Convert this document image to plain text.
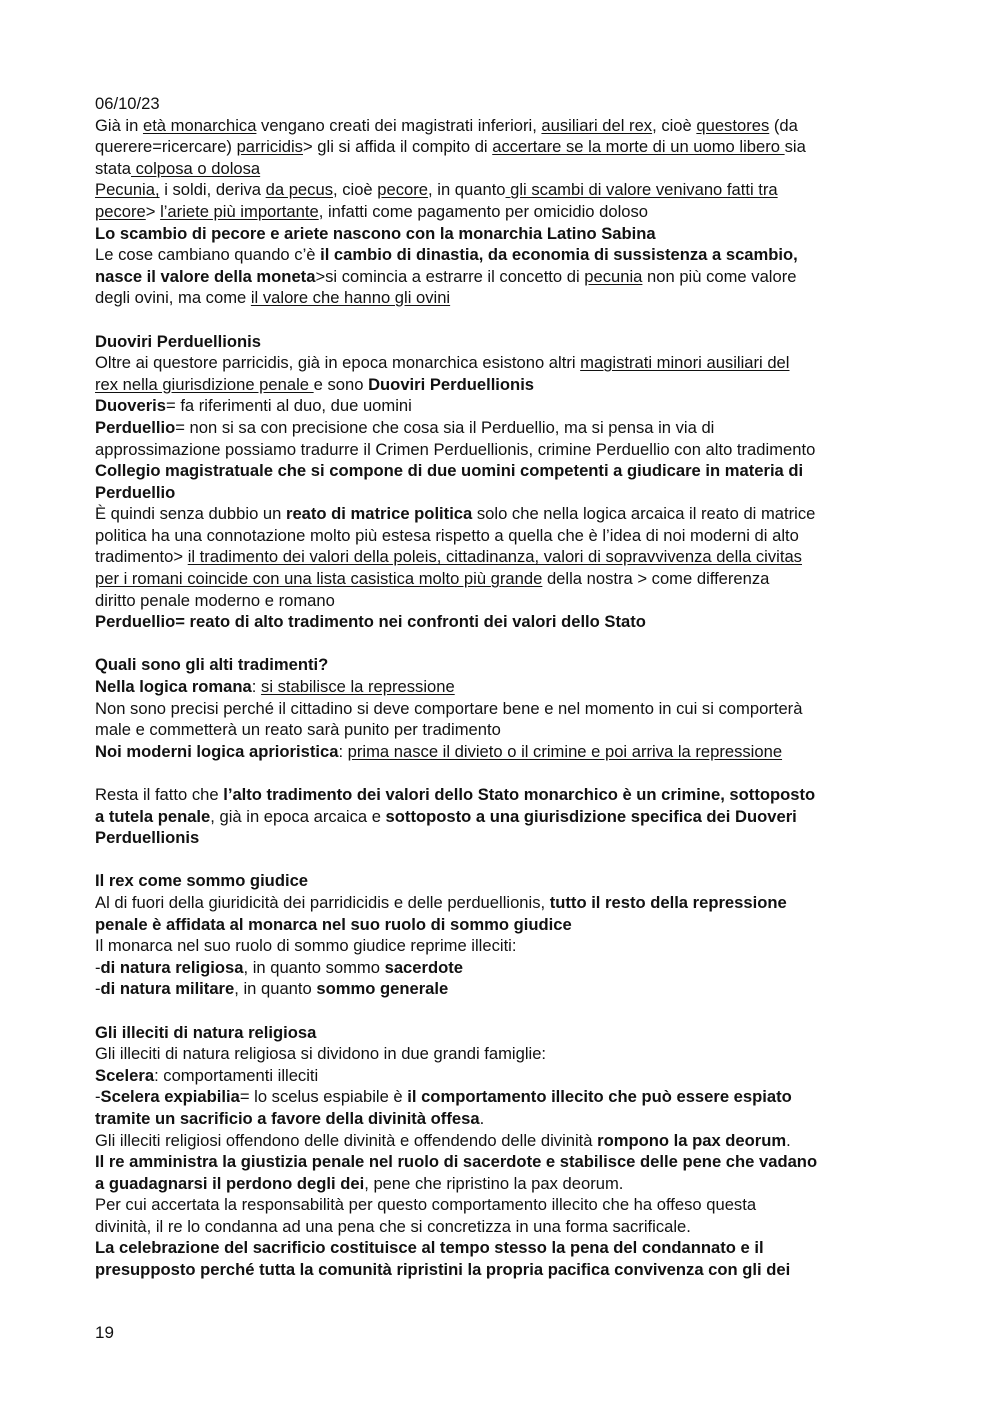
06/10/23
Già in età monarchica vengano creati dei magistrati inferiori, ausiliari del rex, cioè questores (da
querere=ricercare) parricidis> gli si affida il compito di accertare se la morte di un uomo libero sia
stata colposa o dolosa
Pecunia, i soldi, deriva da pecus, cioè pecore, in quanto gli scambi di valore venivano fatti tra
pecore> l’ariete più importante, infatti come pagamento per omicidio doloso
Lo scambio di pecore e ariete nascono con la monarchia Latino Sabina
Le cose cambiano quando c’è il cambio di dinastia, da economia di sussistenza a scambio,
nasce il valore della moneta>si comincia a estrarre il concetto di pecunia non più come valore
degli ovini, ma come il valore che hanno gli ovini
Duoviri Perduellionis
Oltre ai questore parricidis, già in epoca monarchica esistono altri magistrati minori ausiliari del
rex nella giurisdizione penale e sono Duoviri Perduellionis
Duoveris= fa riferimenti al duo, due uomini
Perduellio= non si sa con precisione che cosa sia il Perduellio, ma si pensa in via di
approssimazione possiamo tradurre il Crimen Perduellionis, crimine Perduellio con alto tradimento
Collegio magistratuale che si compone di due uomini competenti a giudicare in materia di
Perduellio
È quindi senza dubbio un reato di matrice politica solo che nella logica arcaica il reato di matrice
politica ha una connotazione molto più estesa rispetto a quella che è l’idea di noi moderni di alto
tradimento> il tradimento dei valori della poleis, cittadinanza, valori di sopravvivenza della civitas
per i romani coincide con una lista casistica molto più grande della nostra > come differenza
diritto penale moderno e romano
Perduellio= reato di alto tradimento nei confronti dei valori dello Stato
Quali sono gli alti tradimenti?
Nella logica romana: si stabilisce la repressione
Non sono precisi perché il cittadino si deve comportare bene e nel momento in cui si comporterà
male e commetterà un reato sarà punito per tradimento
Noi moderni logica aprioristica: prima nasce il divieto o il crimine e poi arriva la repressione
Resta il fatto che l’alto tradimento dei valori dello Stato monarchico è un crimine, sottoposto
a tutela penale, già in epoca arcaica e sottoposto a una giurisdizione specifica dei Duoveri
Perduellionis
Il rex come sommo giudice
Al di fuori della giuridicità dei parridicidis e delle perduellionis, tutto il resto della repressione
penale è affidata al monarca nel suo ruolo di sommo giudice
Il monarca nel suo ruolo di sommo giudice reprime illeciti:
-di natura religiosa, in quanto sommo sacerdote
-di natura militare, in quanto sommo generale
Gli illeciti di natura religiosa
Gli illeciti di natura religiosa si dividono in due grandi famiglie:
Scelera: comportamenti illeciti
-Scelera expiabilia= lo scelus espiabile è il comportamento illecito che può essere espiato
tramite un sacrificio a favore della divinità offesa.
Gli illeciti religiosi offendono delle divinità e offendendo delle divinità rompono la pax deorum.
Il re amministra la giustizia penale nel ruolo di sacerdote e stabilisce delle pene che vadano
a guadagnarsi il perdono degli dei, pene che ripristino la pax deorum.
Per cui accertata la responsabilità per questo comportamento illecito che ha offeso questa
divinità, il re lo condanna ad una pena che si concretizza in una forma sacrificale.
La celebrazione del sacrificio costituisce al tempo stesso la pena del condannato e il
presupposto perché tutta la comunità ripristini la propria pacifica convivenza con gli dei
19
